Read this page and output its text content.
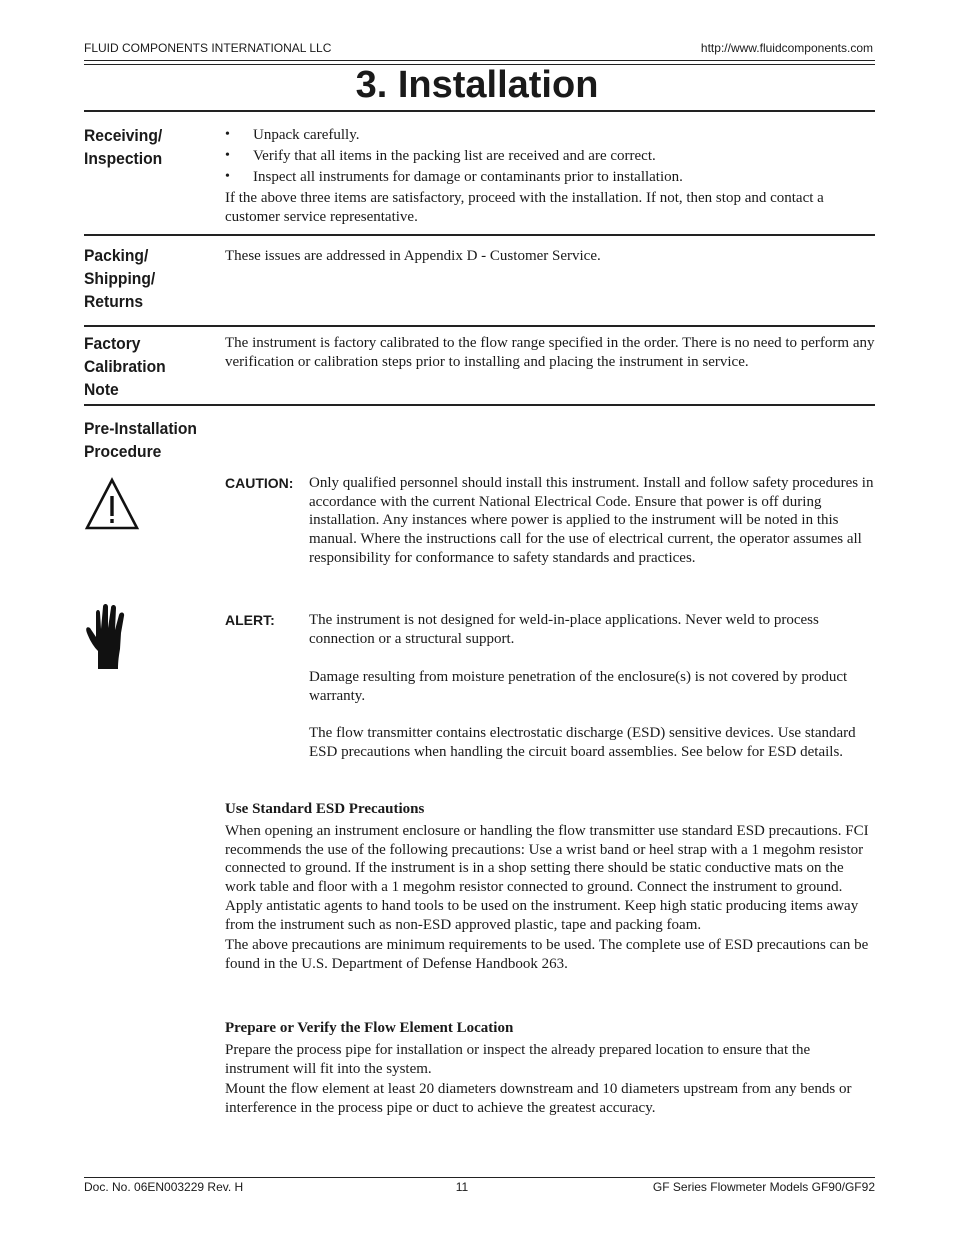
FLUID COMPONENTS INTERNATIONAL LLC	http://www.fluidcomponents.com
3. Installation
Receiving/
Inspection
• Unpack carefully.
• Verify that all items in the packing list are received and are correct.
• Inspect all instruments for damage or contaminants prior to installation.

If the above three items are satisfactory, proceed with the installation. If not, then stop and contact a customer service representative.

Packing/
Shipping/
Returns

These issues are addressed in Appendix D - Customer Service.

Factory
Calibration
Note

The instrument is factory calibrated to the flow range specified in the order. There is no need to perform any verification or calibration steps prior to installing and placing the instrument in service.

Pre-Installation
Procedure
CAUTION: Only qualified personnel should install this instrument. Install and follow safety procedures in accordance with the current National Electrical Code. Ensure that power is off during installation. Any instances where power is applied to the instrument will be noted in this manual. Where the instructions call for the use of electrical current, the operator assumes all responsibility for conformance to safety standards and practices.

ALERT: The instrument is not designed for weld-in-place applications. Never weld to process connection or a structural support.

Damage resulting from moisture penetration of the enclosure(s) is not covered by product warranty.

The flow transmitter contains electrostatic discharge (ESD) sensitive devices. Use standard ESD precautions when handling the circuit board assemblies. See below for ESD details.

Use Standard ESD Precautions

When opening an instrument enclosure or handling the flow transmitter use standard ESD precautions. FCI recommends the use of the following precautions: Use a wrist band or heel strap with a 1 megohm resistor connected to ground. If the instrument is in a shop setting there should be static conductive mats on the work table and floor with a 1 megohm resistor connected to ground. Connect the instrument to ground. Apply antistatic agents to hand tools to be used on the instrument. Keep high static producing items away from the instrument such as non-ESD approved plastic, tape and packing foam.

The above precautions are minimum requirements to be used. The complete use of ESD precautions can be found in the U.S. Department of Defense Handbook 263.

Prepare or Verify the Flow Element Location

Prepare the process pipe for installation or inspect the already prepared location to ensure that the instrument will fit into the system.

Mount the flow element at least 20 diameters downstream and 10 diameters upstream from any bends or interference in the process pipe or duct to achieve the greatest accuracy.

Doc. No. 06EN003229 Rev. H	11	GF Series Flowmeter Models GF90/GF92
